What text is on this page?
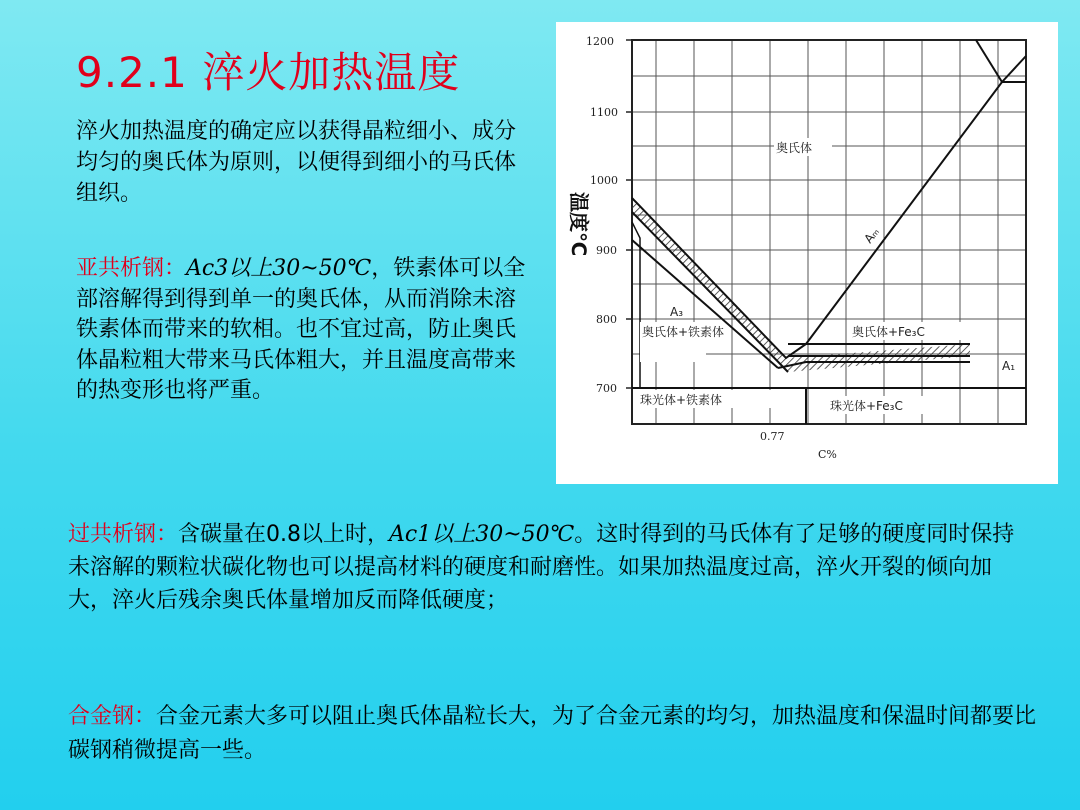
9.2.1 淬火加热温度

淬火加热温度的确定应以获得晶粒细小、成分均匀的奥氏体为原则，以便得到细小的马氏体组织。

亚共析钢：Ac3以上30~50℃，铁素体可以全部溶解得到得到单一的奥氏体，从而消除未溶铁素体而带来的软相。也不宜过高，防止奥氏体晶粒粗大带来马氏体粗大，并且温度高带来的热变形也将严重。

1200
1100
1000
900
800
700
温度℃
0.77
C%
奥氏体
奥氏体+铁素体	奥氏体+Fe₃C
珠光体+铁素体	珠光体+Fe₃C
A₃
Aₘ
A₁

过共析钢：含碳量在0.8以上时，Ac1以上30~50℃。这时得到的马氏体有了足够的硬度同时保持未溶解的颗粒状碳化物也可以提高材料的硬度和耐磨性。如果加热温度过高，淬火开裂的倾向加大，淬火后残余奥氏体量增加反而降低硬度；

合金钢：合金元素大多可以阻止奥氏体晶粒长大，为了合金元素的均匀，加热温度和保温时间都要比碳钢稍微提高一些。
